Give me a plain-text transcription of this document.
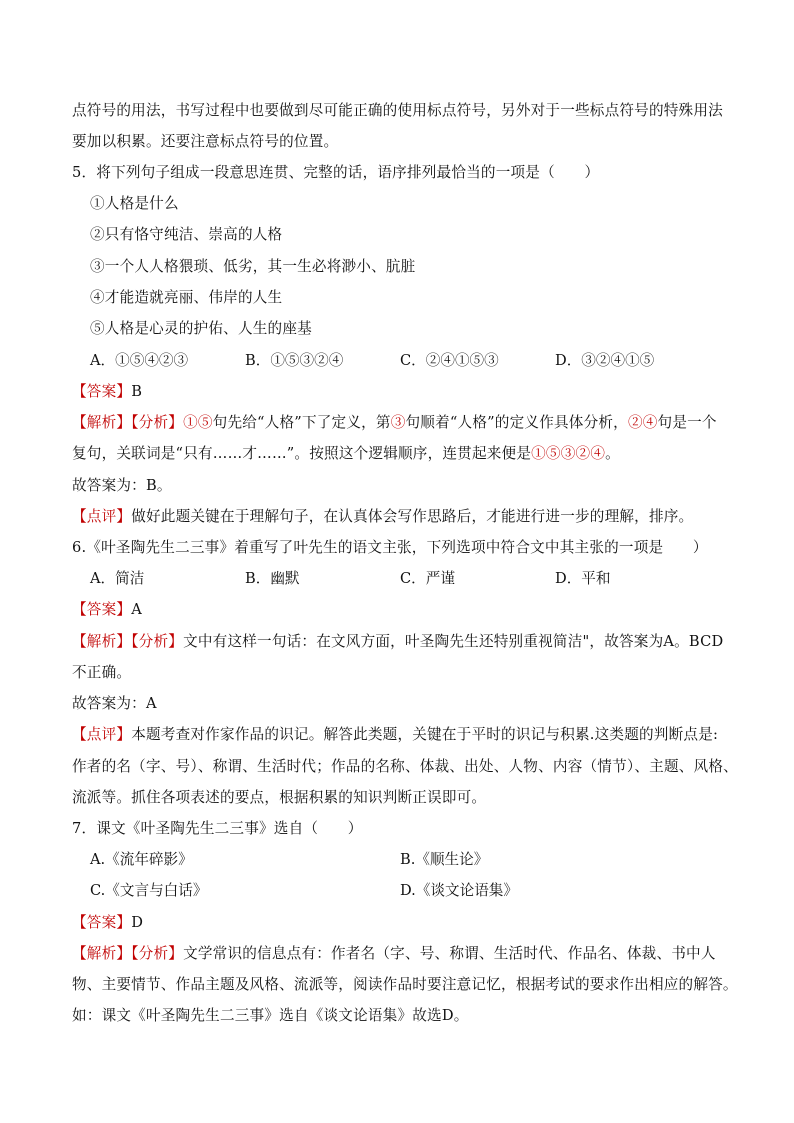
点符号的用法，书写过程中也要做到尽可能正确的使用标点符号，另外对于一些标点符号的特殊用法
要加以积累。还要注意标点符号的位置。
5．将下列句子组成一段意思连贯、完整的话，语序排列最恰当的一项是（　　）
①人格是什么
②只有恪守纯洁、崇高的人格
③一个人人格猥琐、低劣，其一生必将渺小、肮脏
④才能造就亮丽、伟岸的人生
⑤人格是心灵的护佑、人生的座基
A．①⑤④②③	B．①⑤③②④	C．②④①⑤③	D．③②④①⑤
【答案】B
【解析】【分析】①⑤句先给“人格”下了定义，第③句顺着“人格”的定义作具体分析，②④句是一个
复句，关联词是“只有……才……”。按照这个逻辑顺序，连贯起来便是①⑤③②④。
故答案为：B。
【点评】做好此题关键在于理解句子，在认真体会写作思路后，才能进行进一步的理解，排序。
6.《叶圣陶先生二三事》着重写了叶先生的语文主张，下列选项中符合文中其主张的一项是　　）
A．简洁	B．幽默	C．严谨	D．平和
【答案】A
【解析】【分析】文中有这样一句话：在文风方面，叶圣陶先生还特别重视简洁"，故答案为A。BCD
不正确。
故答案为：A
【点评】本题考查对作家作品的识记。解答此类题，关键在于平时的识记与积累.这类题的判断点是:
作者的名（字、号）、称谓、生活时代；作品的名称、体裁、出处、人物、内容（情节）、主题、风格、
流派等。抓住各项表述的要点，根据积累的知识判断正误即可。
7．课文《叶圣陶先生二三事》选自（　　）
A.《流年碎影》	B.《顺生论》
C.《文言与白话》	D.《谈文论语集》
【答案】D
【解析】【分析】文学常识的信息点有：作者名（字、号、称谓、生活时代、作品名、体裁、书中人
物、主要情节、作品主题及风格、流派等，阅读作品时要注意记忆，根据考试的要求作出相应的解答。
如：课文《叶圣陶先生二三事》选自《谈文论语集》故选D。
